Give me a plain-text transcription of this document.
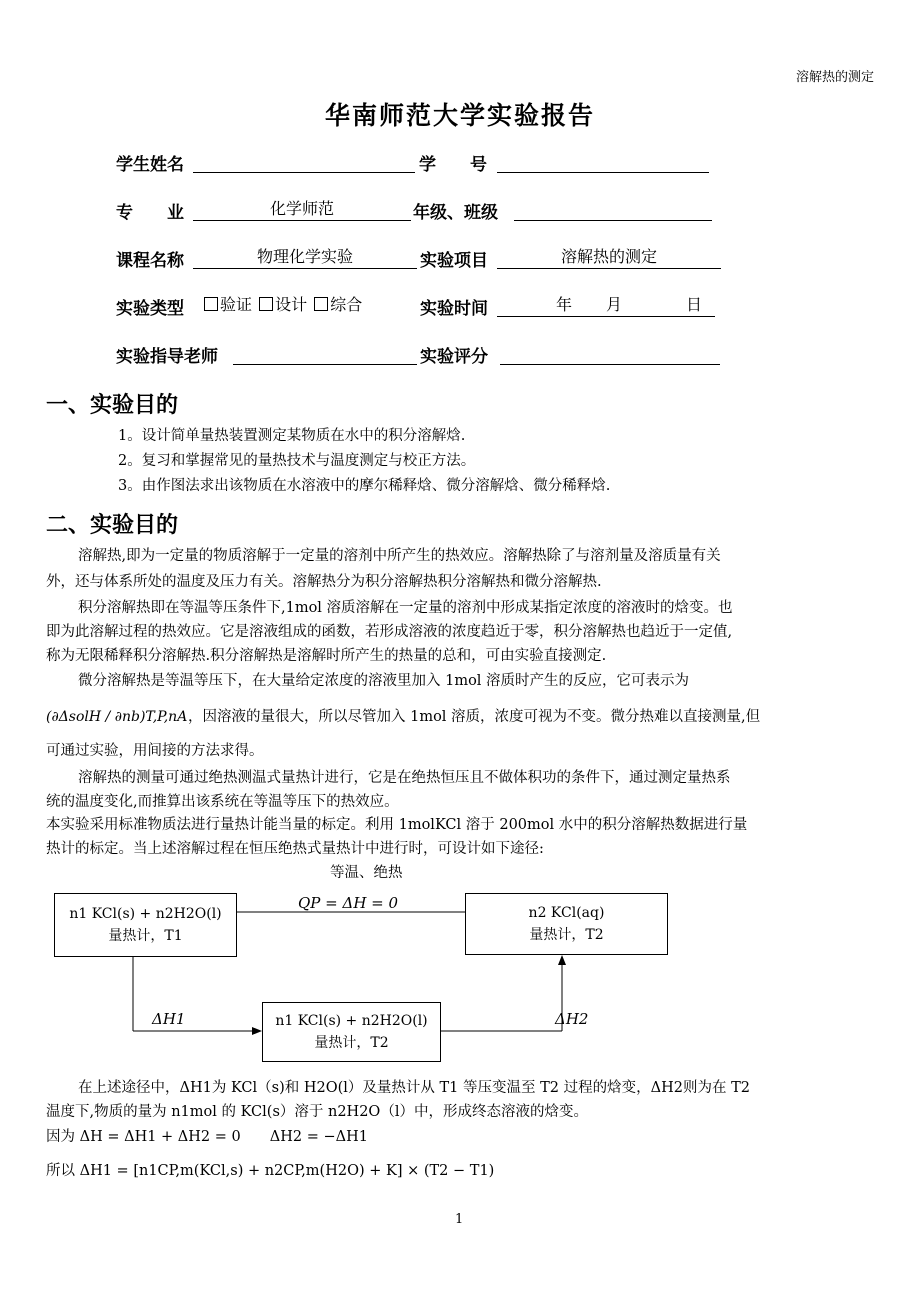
溶解热的测定
华南师范大学实验报告
学生姓名	学　　号
专　　业	化学师范	年级、班级
课程名称	物理化学实验	实验项目	溶解热的测定
实验类型	验证 设计 综合	实验时间	年 月	日
实验指导老师	实验评分
一、实验目的
1。设计简单量热装置测定某物质在水中的积分溶解焓.
2。复习和掌握常见的量热技术与温度测定与校正方法。
3。由作图法求出该物质在水溶液中的摩尔稀释焓、微分溶解焓、微分稀释焓.
二、实验目的
溶解热,即为一定量的物质溶解于一定量的溶剂中所产生的热效应。溶解热除了与溶剂量及溶质量有关
外，还与体系所处的温度及压力有关。溶解热分为积分溶解热积分溶解热和微分溶解热.
积分溶解热即在等温等压条件下,1mol 溶质溶解在一定量的溶剂中形成某指定浓度的溶液时的焓变。也
即为此溶解过程的热效应。它是溶液组成的函数，若形成溶液的浓度趋近于零，积分溶解热也趋近于一定值,
称为无限稀释积分溶解热.积分溶解热是溶解时所产生的热量的总和，可由实验直接测定.
微分溶解热是等温等压下，在大量给定浓度的溶液里加入 1mol 溶质时产生的反应，它可表示为
(∂ΔsolH / ∂nb)T,P,nA ，因溶液的量很大，所以尽管加入 1mol 溶质，浓度可视为不变。微分热难以直接测量,但
可通过实验，用间接的方法求得。
溶解热的测量可通过绝热测温式量热计进行，它是在绝热恒压且不做体积功的条件下，通过测定量热系
统的温度变化,而推算出该系统在等温等压下的热效应。
本实验采用标准物质法进行量热计能当量的标定。利用 1molKCl 溶于 200mol 水中的积分溶解热数据进行量
热计的标定。当上述溶解过程在恒压绝热式量热计中进行时，可设计如下途径:
等温、绝热
QP = ΔH = 0
n1 KCl(s) + n2H2O(l)
量热计，T1
n2 KCl(aq)
量热计，T2
n1 KCl(s) + n2H2O(l)
量热计，T2
ΔH1	ΔH2
在上述途径中，ΔH1为 KCl（s)和 H2O(l）及量热计从 T1 等压变温至 T2 过程的焓变，ΔH2则为在 T2
温度下,物质的量为 n1mol 的 KCl(s）溶于 n2H2O（l）中，形成终态溶液的焓变。
因为 ΔH = ΔH1 + ΔH2 = 0　　ΔH2 = −ΔH1
所以 ΔH1 = [n1CP,m(KCl,s) + n2CP,m(H2O) + K] × (T2 − T1)
1
